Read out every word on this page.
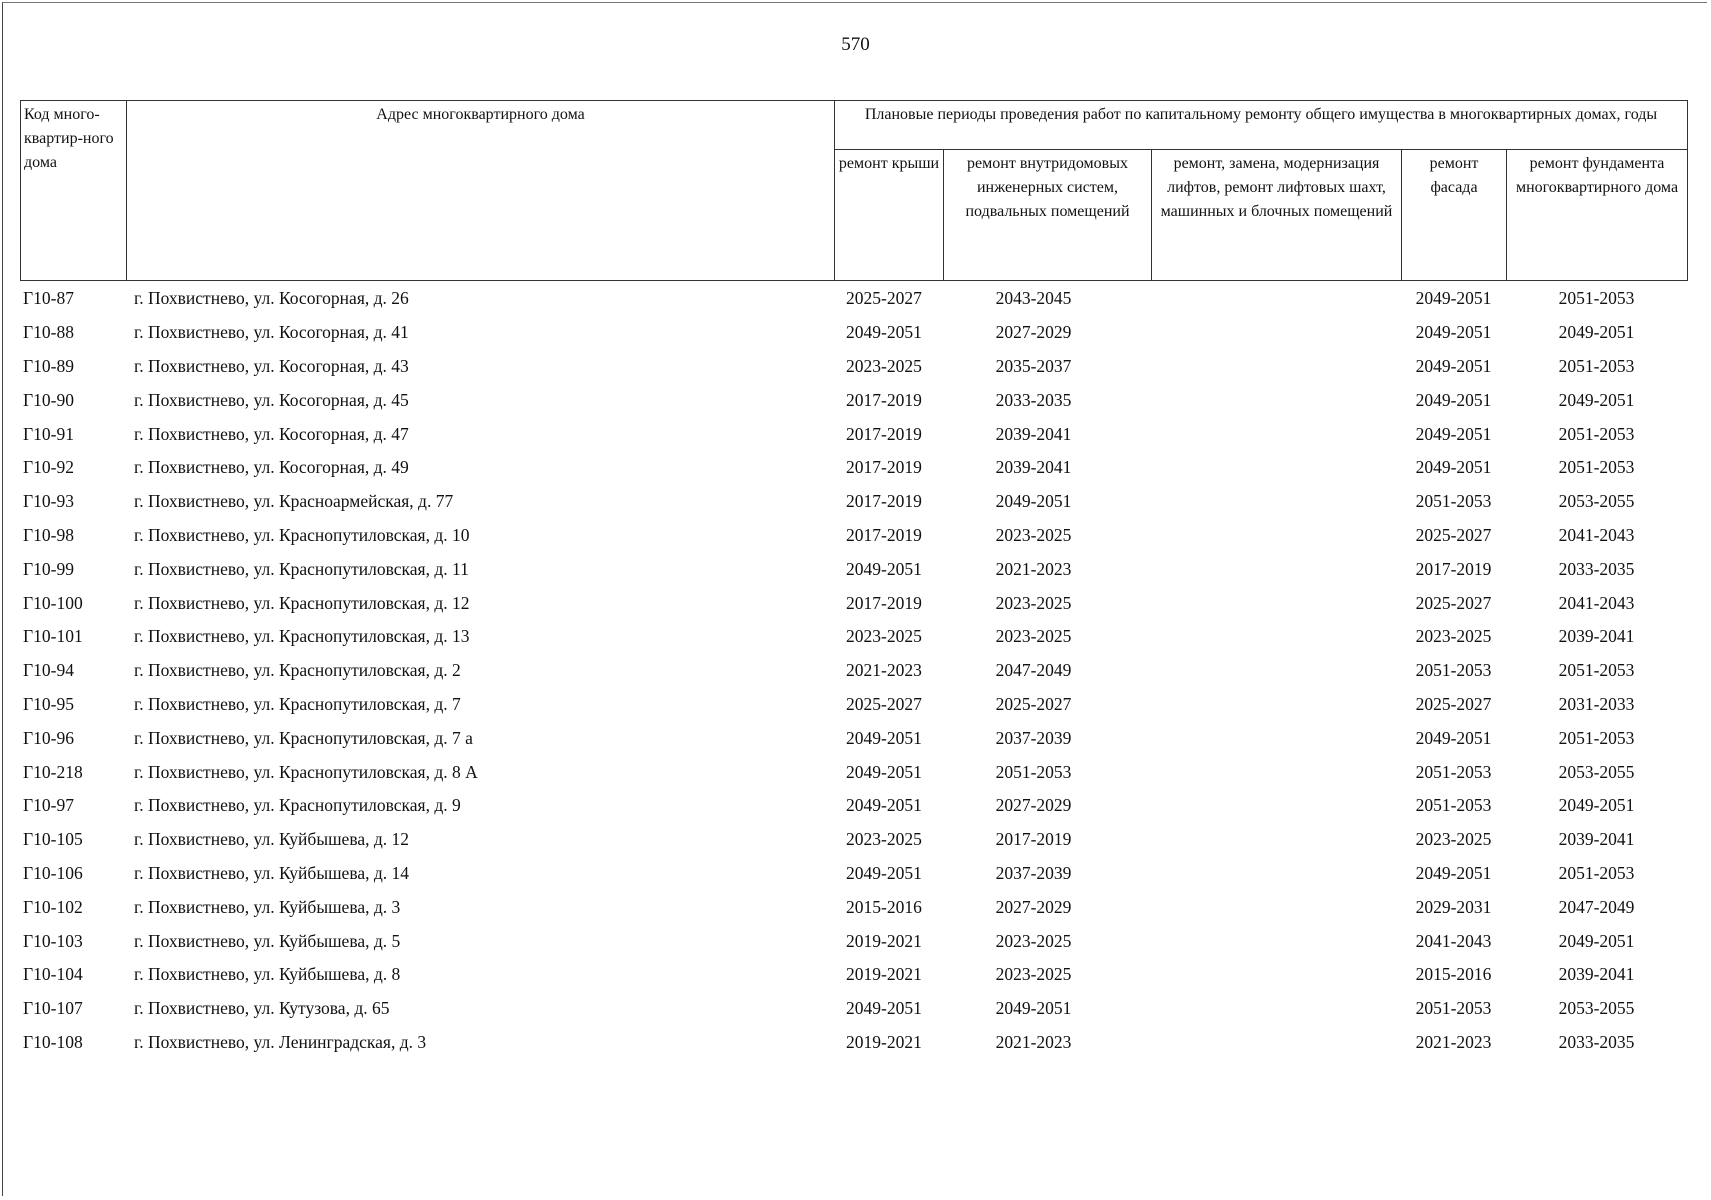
570
Код много-квартир-ного дома	Адрес многоквартирного дома	Плановые периоды проведения работ по капитальному ремонту общего имущества в многоквартирных домах, годы				
		ремонт крыши	ремонт внутридомовых инженерных систем, подвальных помещений	ремонт, замена, модернизация лифтов, ремонт лифтовых шахт, машинных и блочных помещений	ремонт фасада	ремонт фундамента многоквартирного дома
Г10-87	г. Похвистнево, ул. Косогорная, д. 26	2025-2027	2043-2045		2049-2051	2051-2053
Г10-88	г. Похвистнево, ул. Косогорная, д. 41	2049-2051	2027-2029		2049-2051	2049-2051
Г10-89	г. Похвистнево, ул. Косогорная, д. 43	2023-2025	2035-2037		2049-2051	2051-2053
Г10-90	г. Похвистнево, ул. Косогорная, д. 45	2017-2019	2033-2035		2049-2051	2049-2051
Г10-91	г. Похвистнево, ул. Косогорная, д. 47	2017-2019	2039-2041		2049-2051	2051-2053
Г10-92	г. Похвистнево, ул. Косогорная, д. 49	2017-2019	2039-2041		2049-2051	2051-2053
Г10-93	г. Похвистнево, ул. Красноармейская, д. 77	2017-2019	2049-2051		2051-2053	2053-2055
Г10-98	г. Похвистнево, ул. Краснопутиловская, д. 10	2017-2019	2023-2025		2025-2027	2041-2043
Г10-99	г. Похвистнево, ул. Краснопутиловская, д. 11	2049-2051	2021-2023		2017-2019	2033-2035
Г10-100	г. Похвистнево, ул. Краснопутиловская, д. 12	2017-2019	2023-2025		2025-2027	2041-2043
Г10-101	г. Похвистнево, ул. Краснопутиловская, д. 13	2023-2025	2023-2025		2023-2025	2039-2041
Г10-94	г. Похвистнево, ул. Краснопутиловская, д. 2	2021-2023	2047-2049		2051-2053	2051-2053
Г10-95	г. Похвистнево, ул. Краснопутиловская, д. 7	2025-2027	2025-2027		2025-2027	2031-2033
Г10-96	г. Похвистнево, ул. Краснопутиловская, д. 7 а	2049-2051	2037-2039		2049-2051	2051-2053
Г10-218	г. Похвистнево, ул. Краснопутиловская, д. 8 А	2049-2051	2051-2053		2051-2053	2053-2055
Г10-97	г. Похвистнево, ул. Краснопутиловская, д. 9	2049-2051	2027-2029		2051-2053	2049-2051
Г10-105	г. Похвистнево, ул. Куйбышева, д. 12	2023-2025	2017-2019		2023-2025	2039-2041
Г10-106	г. Похвистнево, ул. Куйбышева, д. 14	2049-2051	2037-2039		2049-2051	2051-2053
Г10-102	г. Похвистнево, ул. Куйбышева, д. 3	2015-2016	2027-2029		2029-2031	2047-2049
Г10-103	г. Похвистнево, ул. Куйбышева, д. 5	2019-2021	2023-2025		2041-2043	2049-2051
Г10-104	г. Похвистнево, ул. Куйбышева, д. 8	2019-2021	2023-2025		2015-2016	2039-2041
Г10-107	г. Похвистнево, ул. Кутузова, д. 65	2049-2051	2049-2051		2051-2053	2053-2055
Г10-108	г. Похвистнево, ул. Ленинградская, д. 3	2019-2021	2021-2023		2021-2023	2033-2035
